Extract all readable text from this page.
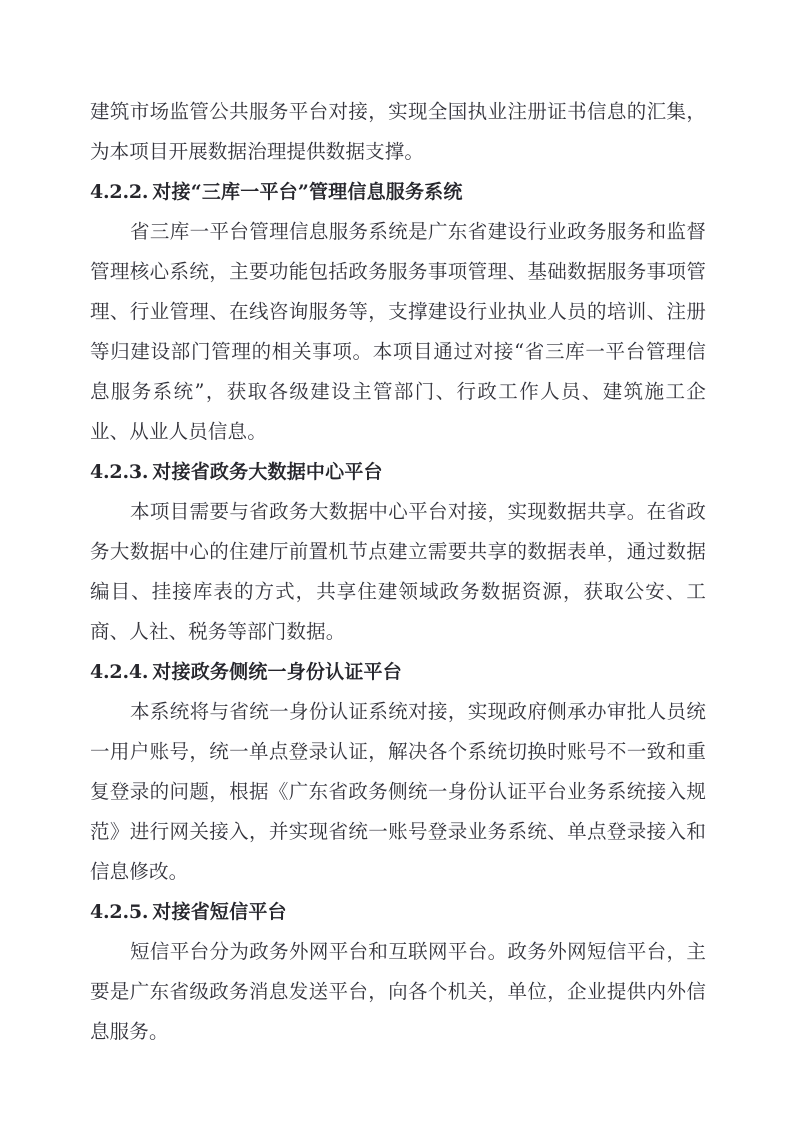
建筑市场监管公共服务平台对接，实现全国执业注册证书信息的汇集，为本项目开展数据治理提供数据支撑。

4.2.2. 对接“三库一平台”管理信息服务系统

省三库一平台管理信息服务系统是广东省建设行业政务服务和监督管理核心系统，主要功能包括政务服务事项管理、基础数据服务事项管理、行业管理、在线咨询服务等，支撑建设行业执业人员的培训、注册等归建设部门管理的相关事项。本项目通过对接“省三库一平台管理信息服务系统”，获取各级建设主管部门、行政工作人员、建筑施工企业、从业人员信息。

4.2.3. 对接省政务大数据中心平台

本项目需要与省政务大数据中心平台对接，实现数据共享。在省政务大数据中心的住建厅前置机节点建立需要共享的数据表单，通过数据编目、挂接库表的方式，共享住建领域政务数据资源，获取公安、工商、人社、税务等部门数据。

4.2.4. 对接政务侧统一身份认证平台

本系统将与省统一身份认证系统对接，实现政府侧承办审批人员统一用户账号，统一单点登录认证，解决各个系统切换时账号不一致和重复登录的问题，根据《广东省政务侧统一身份认证平台业务系统接入规范》进行网关接入，并实现省统一账号登录业务系统、单点登录接入和信息修改。

4.2.5. 对接省短信平台

短信平台分为政务外网平台和互联网平台。政务外网短信平台，主要是广东省级政务消息发送平台，向各个机关，单位，企业提供内外信息服务。
